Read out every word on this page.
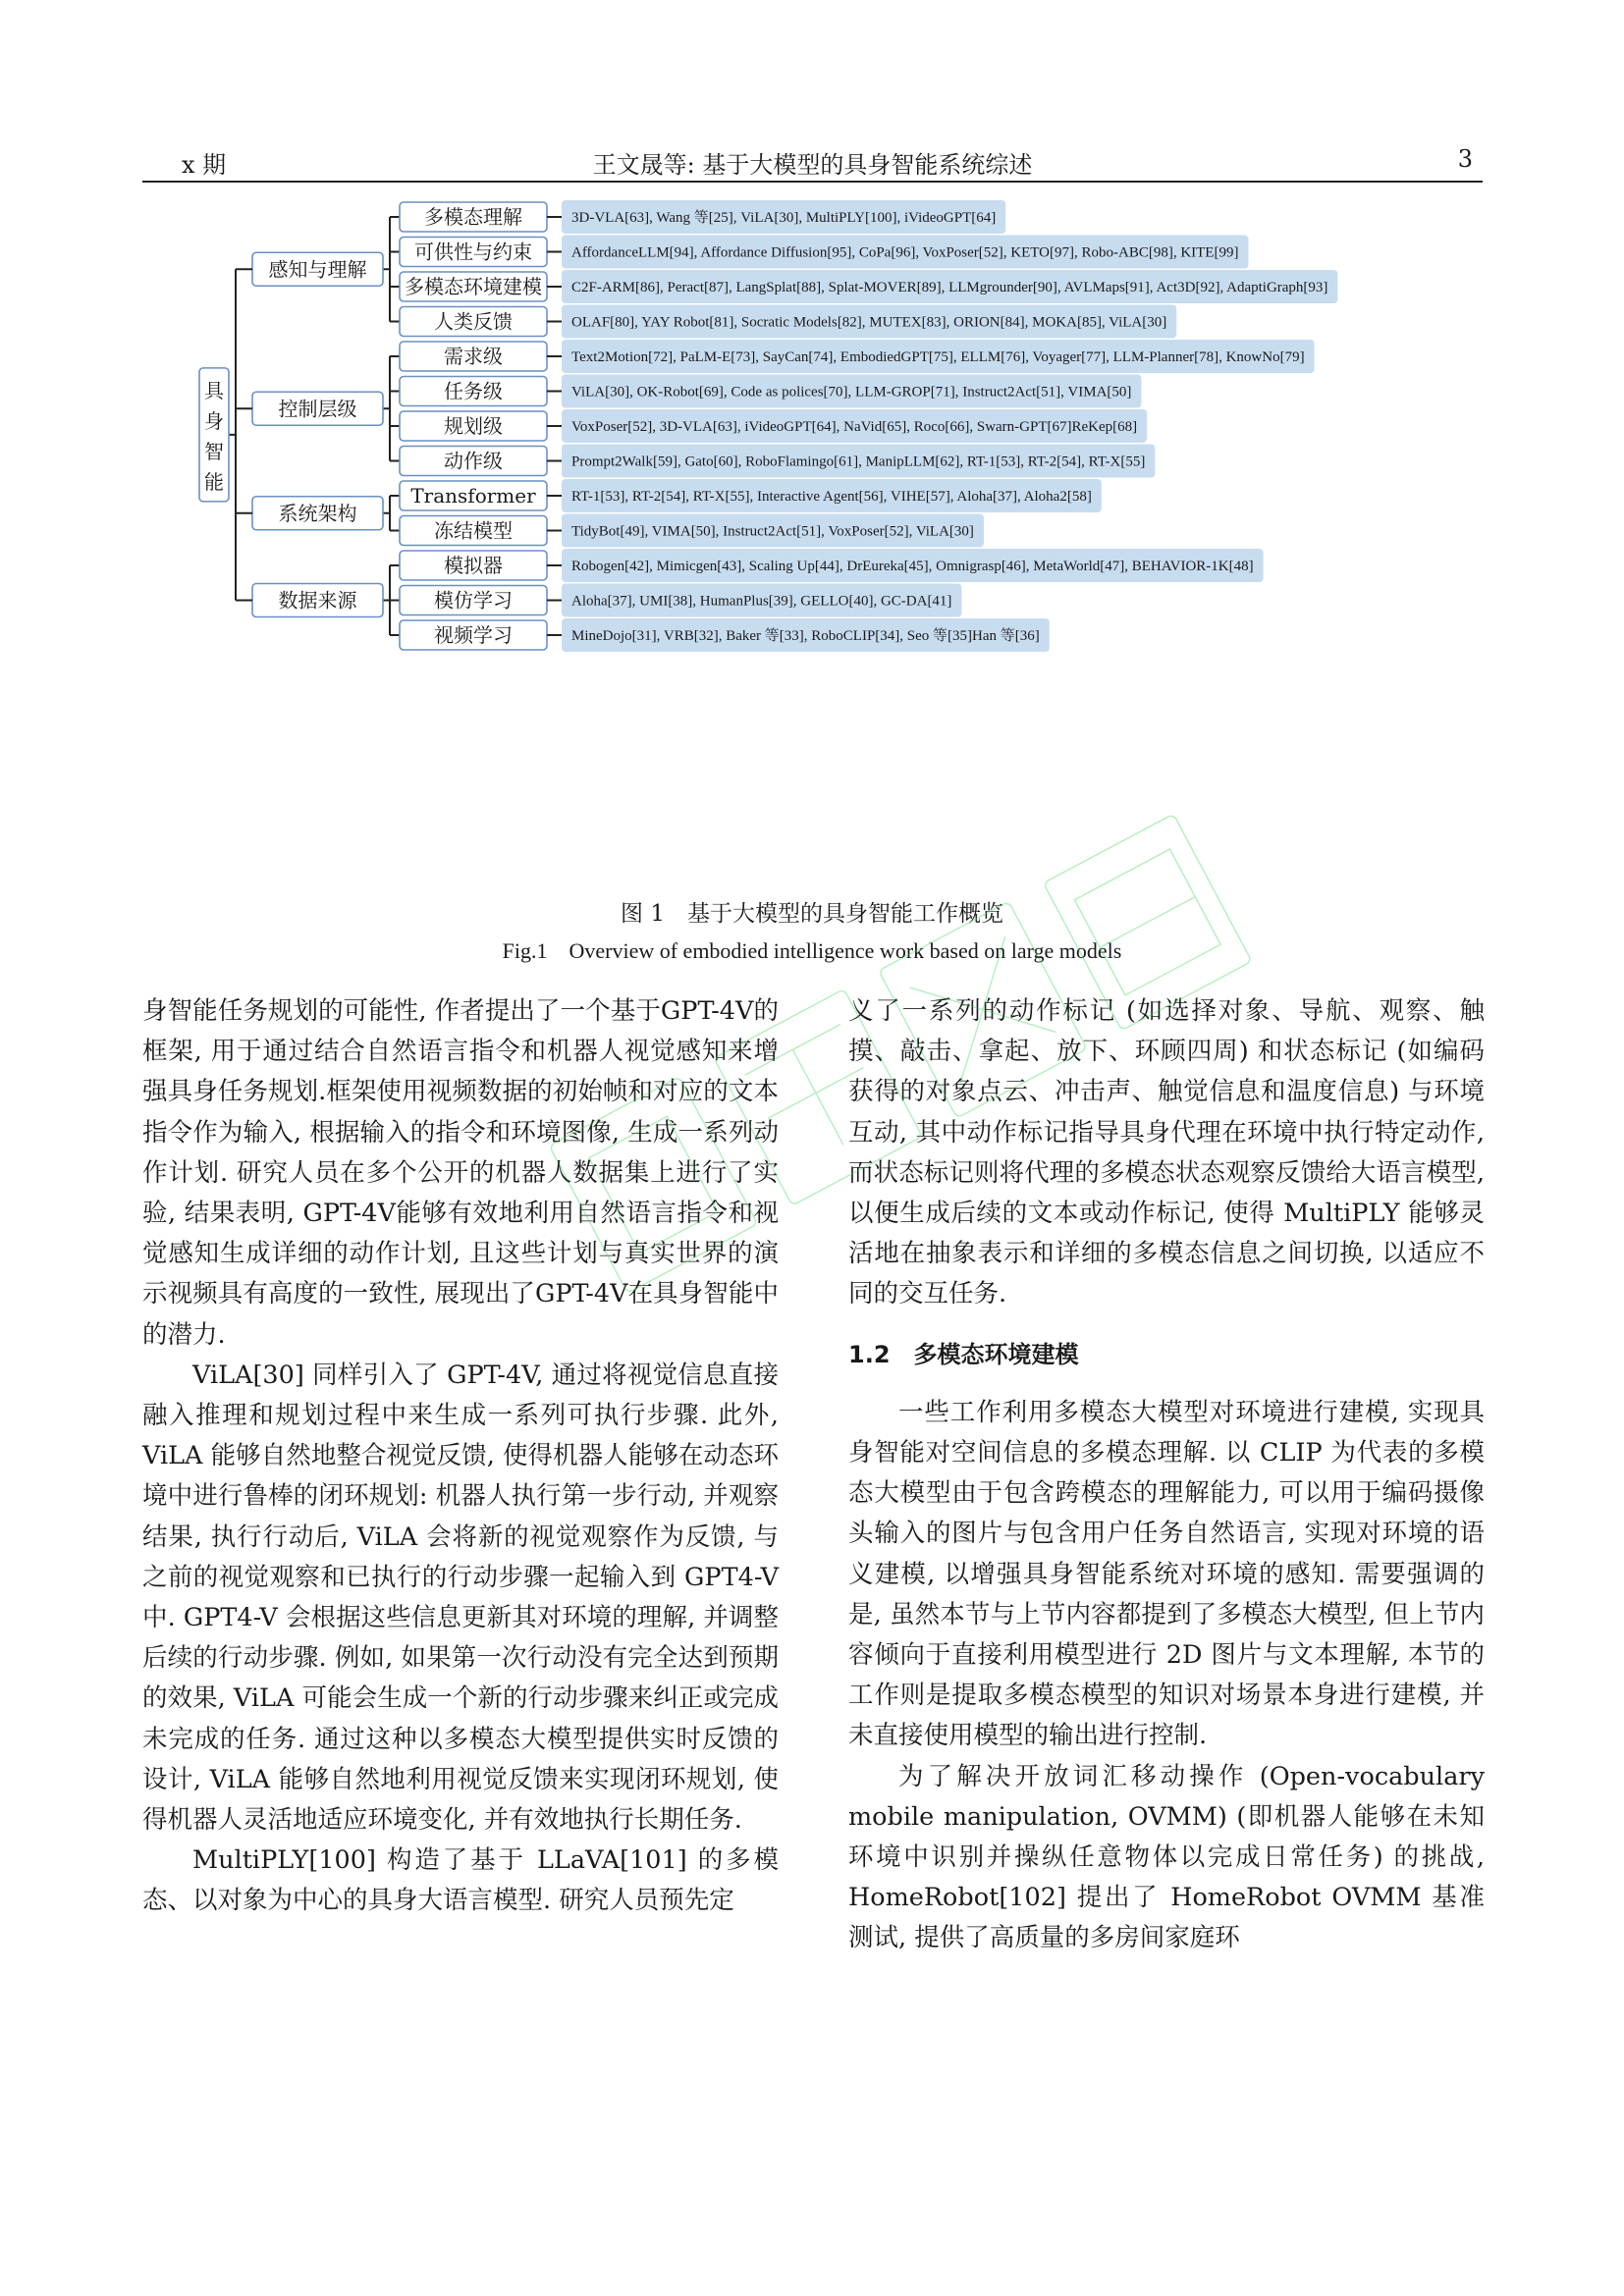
x 期	王文晟等: 基于大模型的具身智能系统综述	3
多模态理解	3D-VLA[63], Wang 等[25], ViLA[30], MultiPLY[100], iVideoGPT[64]
可供性与约束	AffordanceLLM[94], Affordance Diffusion[95], CoPa[96], VoxPoser[52], KETO[97], Robo-ABC[98], KITE[99]
多模态环境建模 C2F-ARM[86], Peract[87], LangSplat[88], Splat-MOVER[89], LLMgrounder[90], AVLMaps[91], Act3D[92], AdaptiGraph[93]
人类反馈	OLAF[80], YAY Robot[81], Socratic Models[82], MUTEX[83], ORION[84], MOKA[85], ViLA[30]
感知与理解
需求级	Text2Motion[72], PaLM-E[73], SayCan[74], EmbodiedGPT[75], ELLM[76], Voyager[77], LLM-Planner[78], KnowNo[79]
任务级	ViLA[30], OK-Robot[69], Code as polices[70], LLM-GROP[71], Instruct2Act[51], VIMA[50]
规划级	VoxPoser[52], 3D-VLA[63], iVideoGPT[64], NaVid[65], Roco[66], Swarn-GPT[67]ReKep[68]
动作级	Prompt2Walk[59], Gato[60], RoboFlamingo[61], ManipLLM[62], RT-1[53], RT-2[54], RT-X[55]
控制层级
Transformer RT-1[53], RT-2[54], RT-X[55], Interactive Agent[56], VIHE[57], Aloha[37], Aloha2[58]
冻结模型	TidyBot[49], VIMA[50], Instruct2Act[51], VoxPoser[52], ViLA[30]
系统架构
模拟器	Robogen[42], Mimicgen[43], Scaling Up[44], DrEureka[45], Omnigrasp[46], MetaWorld[47], BEHAVIOR-1K[48]
模仿学习	Aloha[37], UMI[38], HumanPlus[39], GELLO[40], GC-DA[41]
视频学习	MineDojo[31], VRB[32], Baker 等[33], RoboCLIP[34], Seo 等[35]Han 等[36]
数据来源
具
身
智
能
图 1　基于大模型的具身智能工作概览
Fig.1　Overview of embodied intelligence work based on large models

身智能任务规划的可能性, 作者提出了一个基于GPT-4V的框架, 用于通过结合自然语言指令和机器人视觉感知来增强具身任务规划.框架使用视频数据的初始帧和对应的文本指令作为输入, 根据输入的指令和环境图像, 生成一系列动作计划. 研究人员在多个公开的机器人数据集上进行了实验, 结果表明, GPT-4V能够有效地利用自然语言指令和视觉感知生成详细的动作计划, 且这些计划与真实世界的演示视频具有高度的一致性, 展现出了GPT-4V在具身智能中的潜力.

ViLA[30] 同样引入了 GPT-4V, 通过将视觉信息直接融入推理和规划过程中来生成一系列可执行步骤. 此外, ViLA 能够自然地整合视觉反馈, 使得机器人能够在动态环境中进行鲁棒的闭环规划: 机器人执行第一步行动, 并观察结果, 执行行动后, ViLA 会将新的视觉观察作为反馈, 与之前的视觉观察和已执行的行动步骤一起输入到 GPT4-V 中. GPT4-V 会根据这些信息更新其对环境的理解, 并调整后续的行动步骤. 例如, 如果第一次行动没有完全达到预期的效果, ViLA 可能会生成一个新的行动步骤来纠正或完成未完成的任务. 通过这种以多模态大模型提供实时反馈的设计, ViLA 能够自然地利用视觉反馈来实现闭环规划, 使得机器人灵活地适应环境变化, 并有效地执行长期任务.

MultiPLY[100] 构造了基于 LLaVA[101] 的多模态、以对象为中心的具身大语言模型. 研究人员预先定

义了一系列的动作标记 (如选择对象、导航、观察、触摸、敲击、拿起、放下、环顾四周) 和状态标记 (如编码获得的对象点云、冲击声、触觉信息和温度信息) 与环境互动, 其中动作标记指导具身代理在环境中执行特定动作, 而状态标记则将代理的多模态状态观察反馈给大语言模型, 以便生成后续的文本或动作标记, 使得 MultiPLY 能够灵活地在抽象表示和详细的多模态信息之间切换, 以适应不同的交互任务.

1.2　多模态环境建模

一些工作利用多模态大模型对环境进行建模, 实现具身智能对空间信息的多模态理解. 以 CLIP 为代表的多模态大模型由于包含跨模态的理解能力, 可以用于编码摄像头输入的图片与包含用户任务自然语言, 实现对环境的语义建模, 以增强具身智能系统对环境的感知. 需要强调的是, 虽然本节与上节内容都提到了多模态大模型, 但上节内容倾向于直接利用模型进行 2D 图片与文本理解, 本节的工作则是提取多模态模型的知识对场景本身进行建模, 并未直接使用模型的输出进行控制.

为了解决开放词汇移动操作 (Open-vocabulary mobile manipulation, OVMM) (即机器人能够在未知环境中识别并操纵任意物体以完成日常任务) 的挑战, HomeRobot[102] 提出了 HomeRobot OVMM 基准测试, 提供了高质量的多房间家庭环
